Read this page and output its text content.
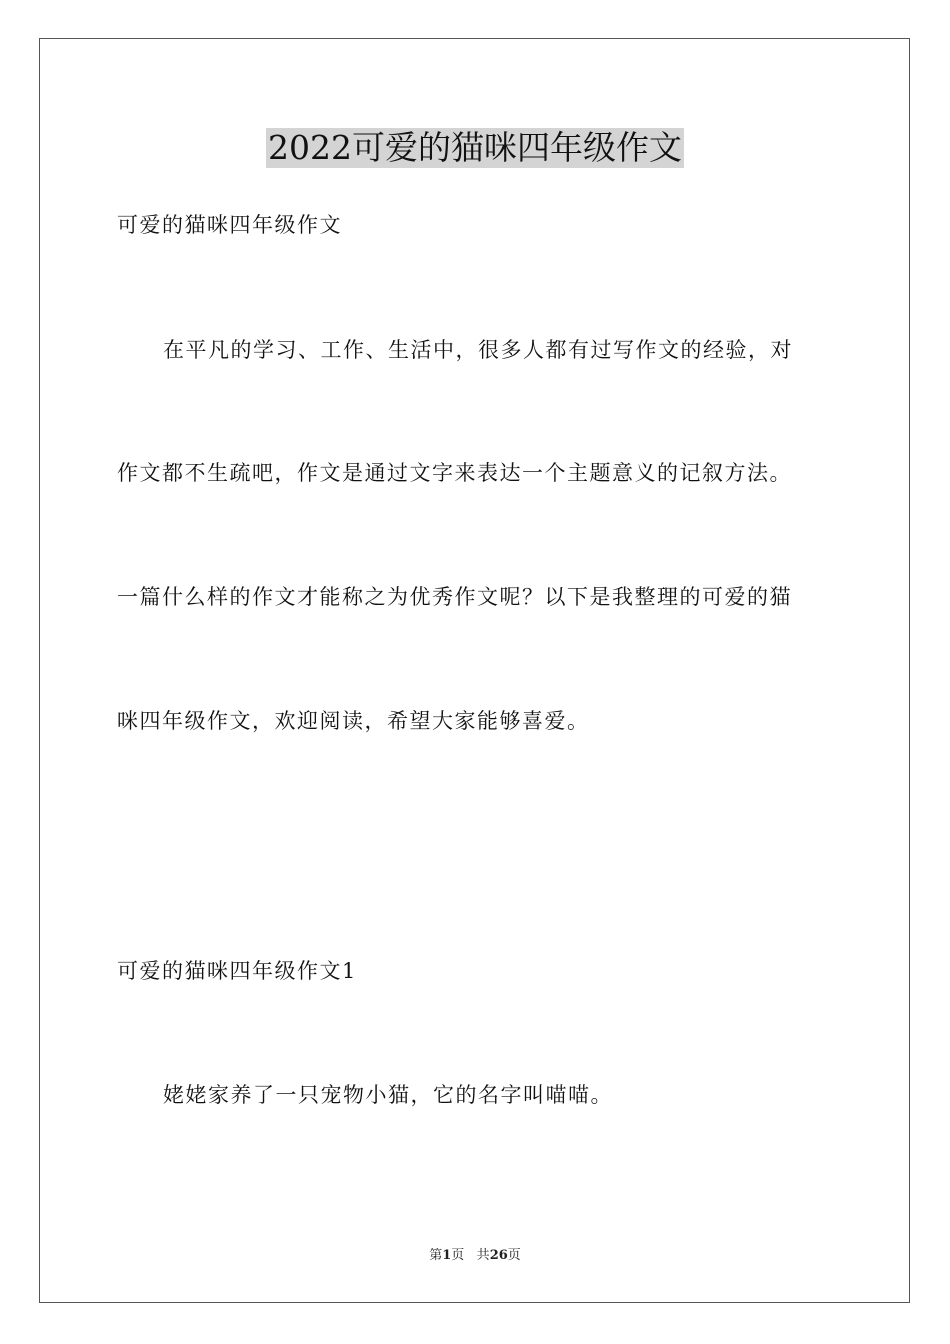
2022可爱的猫咪四年级作文
可爱的猫咪四年级作文
在平凡的学习、工作、生活中，很多人都有过写作文的经验，对
作文都不生疏吧，作文是通过文字来表达一个主题意义的记叙方法。
一篇什么样的作文才能称之为优秀作文呢？以下是我整理的可爱的猫
咪四年级作文，欢迎阅读，希望大家能够喜爱。
可爱的猫咪四年级作文1
姥姥家养了一只宠物小猫，它的名字叫喵喵。
第1页 共26页
